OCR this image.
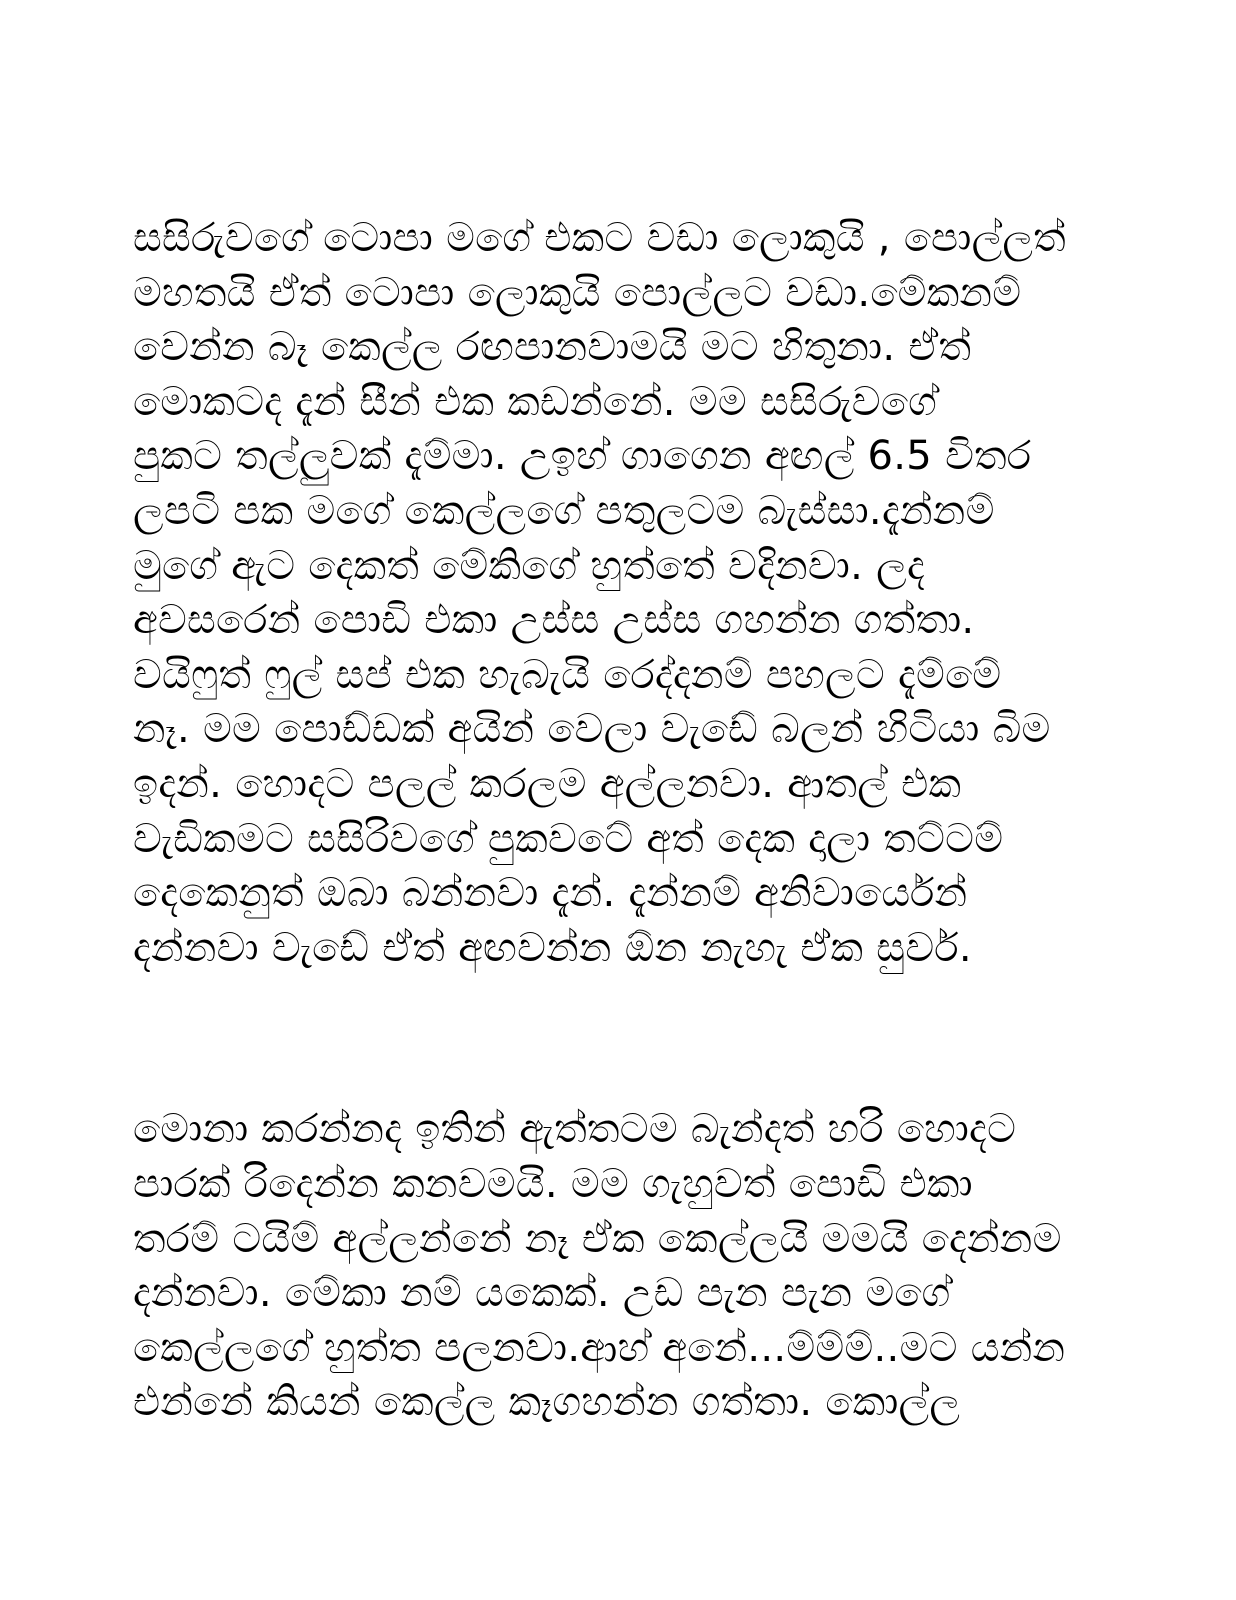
සසිරුවගේ ටොපා මගේ එකට වඩා ලොකුයි , පොල්ලත්
මහතයි ඒත් ටොපා ලොකුයි පොල්ලට වඩා.මේකනම්
වෙන්න බෑ කෙල්ල රඟපානවාමයි මට හිතුනා. ඒත්
මොකටද දැන් සීන් එක කඩන්නේ. මම සසිරුවගේ
පුකට තල්ලුවක් දැම්මා. උඉහ් ගාගෙන අඟල් 6.5 විතර
ලපටි පක මගේ කෙල්ලගේ පතුලටම බැස්සා.දැන්නම්
මුගේ ඇට දෙකත් මේකිගේ හුත්තේ වදිනවා. ලද
අවසරෙන් පොඩි එකා උස්ස උස්ස ගහන්න ගත්තා.
වයිෆුත් ෆුල් සප් එක හැබැයි රෙද්දනම් පහලට දැම්මේ
නෑ. මම පොඩ්ඩක් අයින් වෙලා වැඩේ බලන් හිටියා බිම
ඉදන්. හොදට පලල් කරලම අල්ලනවා. ආතල් එක
වැඩිකමට සසිරිවගේ පුකවටේ අත් දෙක දාලා තට්ටම්
දෙකෙනුත් ඔබා බන්නවා දැන්. දැන්නම් අනිවාර්යෙන්
දන්නවා වැඩේ ඒත් අඟවන්න ඕන නැහැ ඒක සුවර්.
මොනා කරන්නද ඉතින් ඇත්තටම බැන්දත් හරි හොදට
පාරක් රිදෙන්න කනවමයි. මම ගැහුවත් පොඩි එකා
තරම් ටයිම් අල්ලන්නේ නෑ ඒක කෙල්ලයි මමයි දෙන්නම
දන්නවා. මේකා නම් යකෙක්. උඩ පැන පැන මගේ
කෙල්ලගේ හුත්ත පලනවා.ආහ් අනේ...ම්ම්ම්..මට යන්න
එන්නේ කියන් කෙල්ල කෑගහන්න ගත්තා. කොල්ල
